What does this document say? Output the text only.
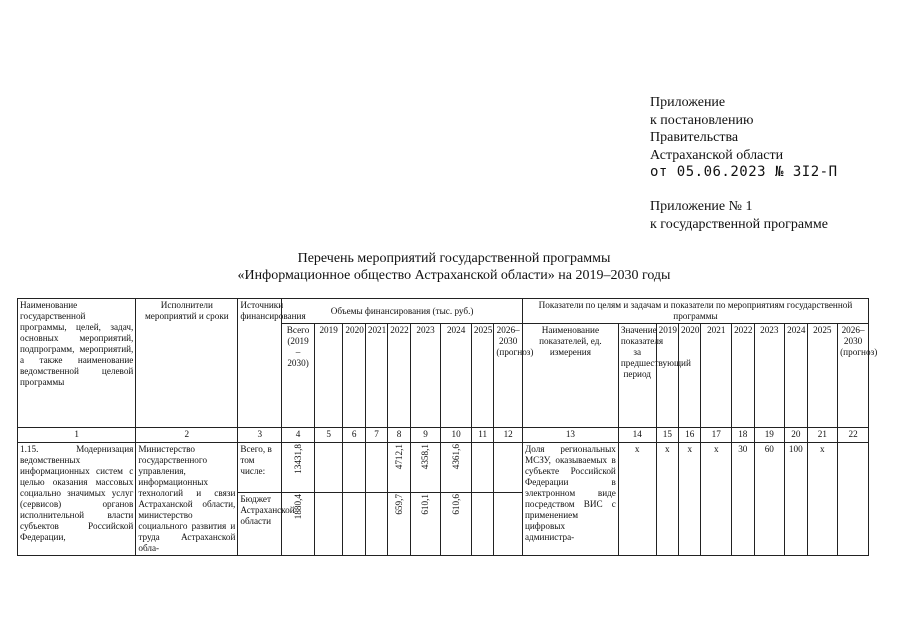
Приложение
к постановлению
Правительства
Астраханской области
от 05.06.2023 № 3I2-П
Приложение № 1
к государственной программе
Перечень мероприятий государственной программы
«Информационное общество Астраханской области» на 2019–2030 годы
Наименование государственной программы, целей, задач, основных мероприятий, подпрограмм, мероприятий, а также наименование ведомственной целевой программы	Исполнители мероприятий и сроки	Источники финансирования	Объемы финансирования (тыс. руб.)									Показатели по целям и задачам и показатели по мероприятиям государственной программы									
			Всего (2019 – 2030)	2019	2020	2021	2022	2023	2024	2025	2026–2030 (прогноз)	Наименование показателей, ед. измерения	Значение показателя за предшествующий период	2019	2020	2021	2022	2023	2024	2025	2026–2030 (прогноз)
1	2	3	4	5	6	7	8	9	10	11	12	13	14	15	16	17	18	19	20	21	22
1.15. Модернизация ведомственных информационных систем с целью оказания массовых социально значимых услуг (сервисов) органов исполнительной власти субъектов Российской Федерации,	Министерство государственного управления, информационных технологий и связи Астраханской области, министерство социального развития и труда Астраханской обла-	Всего, в том числе:	13431,8				4712,1	4358,1	4361,6			Доля региональных МСЗУ, оказываемых в субъекте Российской Федерации в электронном виде посредством ВИС с применением цифровых администра-	х	х	х	х	30	60	100	х	
		Бюджет Астраханской области	1880,4				659,7	610,1	610,6												
